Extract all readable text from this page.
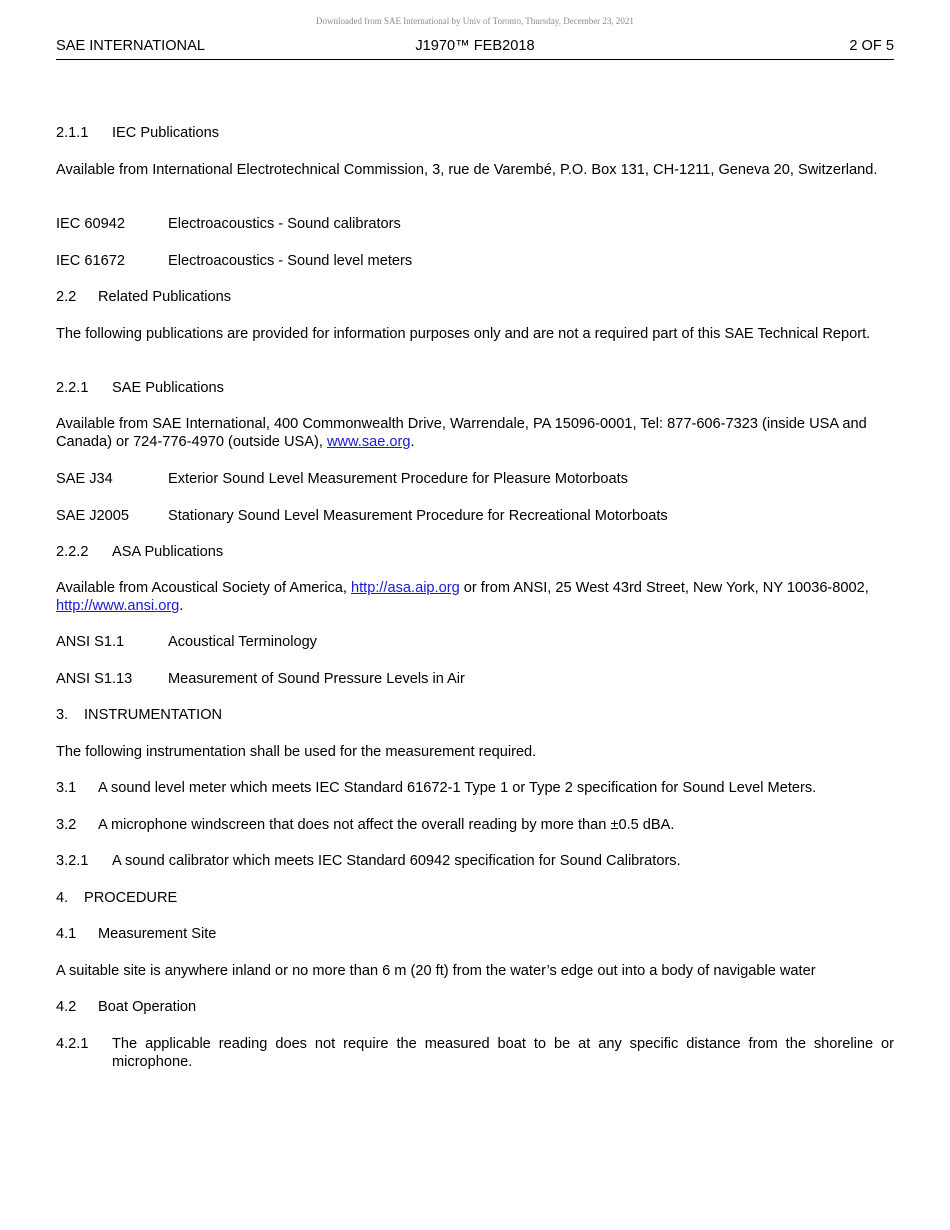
Downloaded from SAE International by Univ of Toronto, Thursday, December 23, 2021
SAE INTERNATIONAL	J1970™ FEB2018	2 OF 5
2.1.1 IEC Publications
Available from International Electrotechnical Commission, 3, rue de Varembé, P.O. Box 131, CH-1211, Geneva 20, Switzerland.
IEC 60942	Electroacoustics - Sound calibrators
IEC 61672	Electroacoustics - Sound level meters
2.2 Related Publications
The following publications are provided for information purposes only and are not a required part of this SAE Technical Report.
2.2.1 SAE Publications
Available from SAE International, 400 Commonwealth Drive, Warrendale, PA 15096-0001, Tel: 877-606-7323 (inside USA and Canada) or 724-776-4970 (outside USA), www.sae.org.
SAE J34	Exterior Sound Level Measurement Procedure for Pleasure Motorboats
SAE J2005	Stationary Sound Level Measurement Procedure for Recreational Motorboats
2.2.2 ASA Publications
Available from Acoustical Society of America, http://asa.aip.org or from ANSI, 25 West 43rd Street, New York, NY 10036-8002, http://www.ansi.org.
ANSI S1.1	Acoustical Terminology
ANSI S1.13 Measurement of Sound Pressure Levels in Air
3. INSTRUMENTATION
The following instrumentation shall be used for the measurement required.
3.1 A sound level meter which meets IEC Standard 61672-1 Type 1 or Type 2 specification for Sound Level Meters.
3.2 A microphone windscreen that does not affect the overall reading by more than ±0.5 dBA.
3.2.1 A sound calibrator which meets IEC Standard 60942 specification for Sound Calibrators.
4. PROCEDURE
4.1 Measurement Site
A suitable site is anywhere inland or no more than 6 m (20 ft) from the water’s edge out into a body of navigable water
4.2 Boat Operation
4.2.1	The applicable reading does not require the measured boat to be at any specific distance from the shoreline or microphone.
